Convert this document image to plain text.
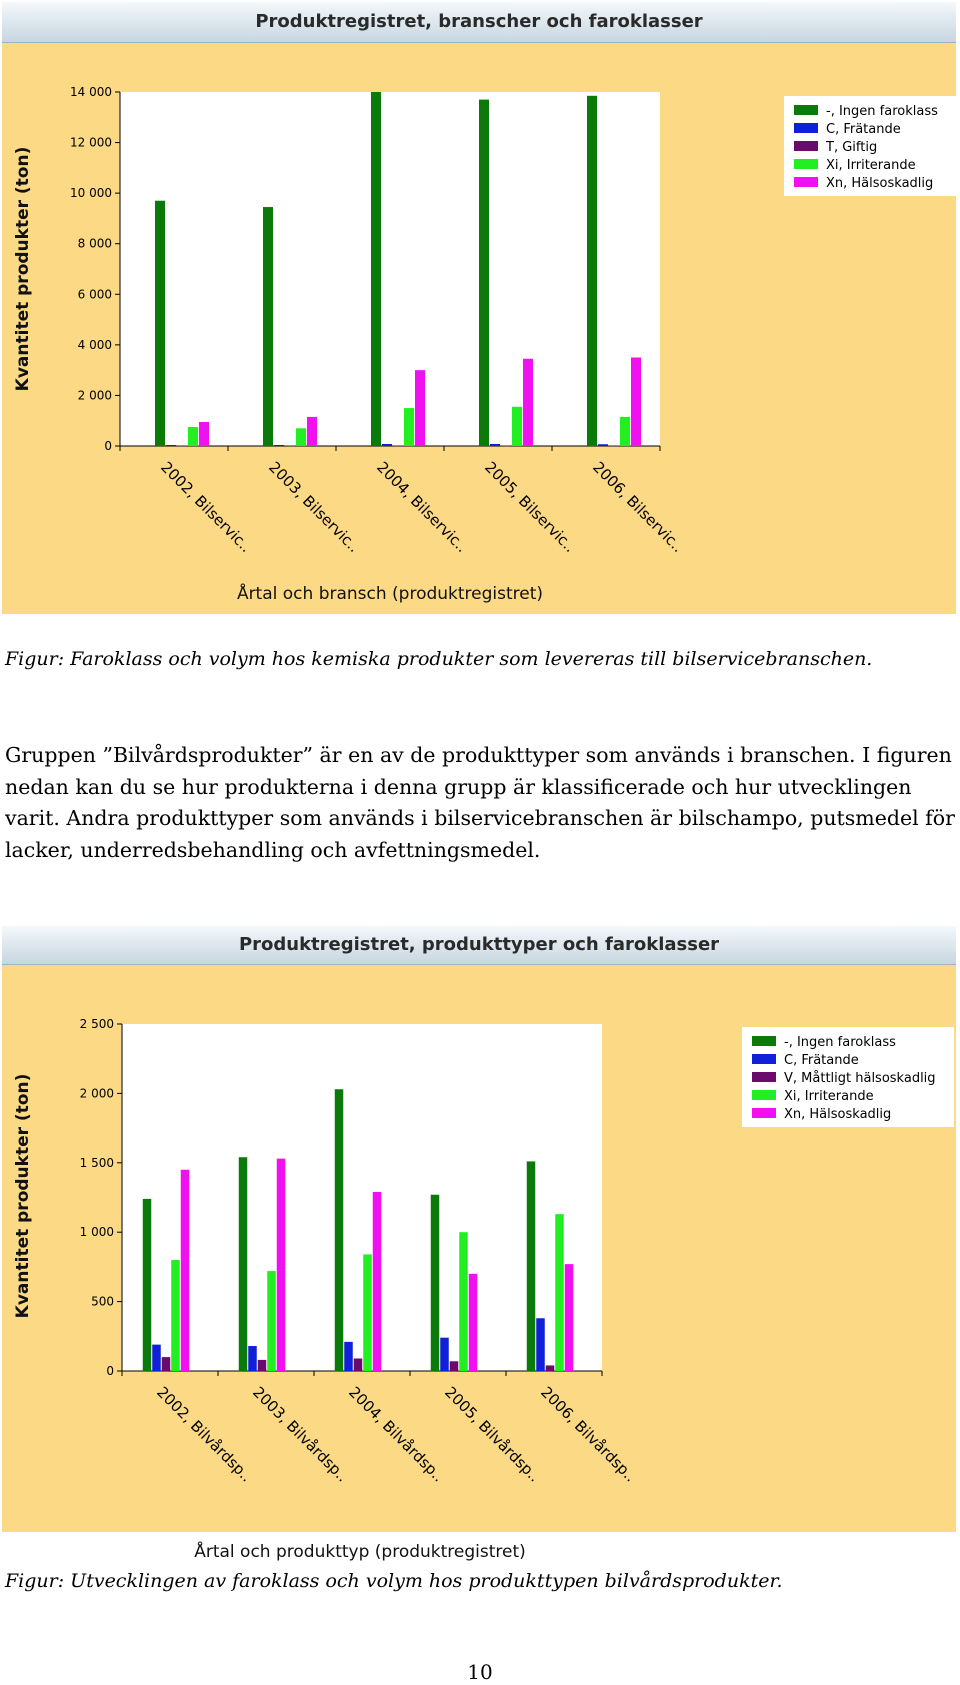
Produktregistret, branscher och faroklasser
0
2 000
4 000
6 000
8 000
10 000
12 000
14 000
2002, Bilservic.. 2003, Bilservic.. 2004, Bilservic.. 2005, Bilservic.. 2006, Bilservic..
Årtal och bransch (produktregistret)
Kvantitet produkter (ton)
-, Ingen faroklass
C, Frätande
T, Giftig
Xi, Irriterande
Xn, Hälsoskadlig

Figur: Faroklass och volym hos kemiska produkter som levereras till bilservicebranschen.

Gruppen ”Bilvårdsprodukter” är en av de produkttyper som används i branschen. I figuren nedan kan du se hur produkterna i denna grupp är klassificerade och hur utvecklingen varit. Andra produkttyper som används i bilservicebranschen är bilschampo, putsmedel för lacker, underredsbehandling och avfettningsmedel.

Produktregistret, produkttyper och faroklasser
0
500
1 000
1 500
2 000
2 500
2002, Bilvårdsp..
2003, Bilvårdsp..
2004, Bilvårdsp..
2005, Bilvårdsp..
2006, Bilvårdsp..
Årtal och produkttyp (produktregistret)
Kvantitet produkter (ton)
-, Ingen faroklass
C, Frätande
V, Måttligt hälsoskadlig
Xi, Irriterande
Xn, Hälsoskadlig

Figur: Utvecklingen av faroklass och volym hos produkttypen bilvårdsprodukter.

10
